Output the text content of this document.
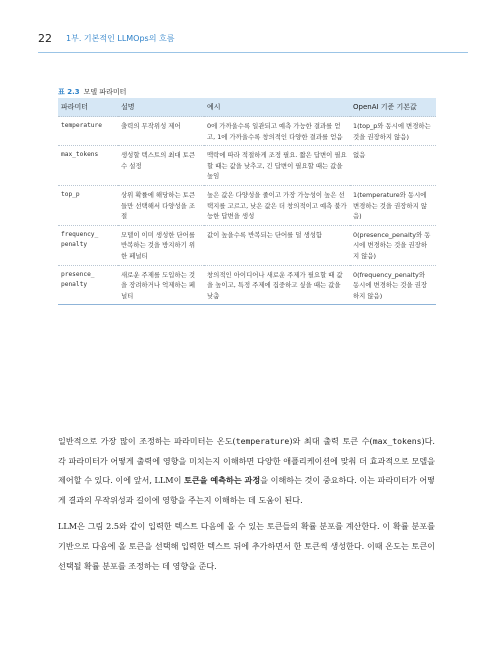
22	1부. 기본적인 LLMOps의 흐름
표 2.3 모델 파라미터
파라미터	설명	예시	OpenAI 기준 기본값
temperature	출력의 무작위성 제어	0에 가까울수록 일관되고 예측 가능한 결과를 얻고, 1에 가까울수록 창의적인 다양한 결과를 얻음	1(top_p와 동시에 변경하는 것을 권장하지 않음)
max_tokens	생성할 텍스트의 최대 토큰 수 설정	맥락에 따라 적절하게 조정 필요. 짧은 답변이 필요할 때는 값을 낮추고, 긴 답변이 필요할 때는 값을 높임	없음
top_p	상위 확률에 해당하는 토큰들만 선택해서 다양성을 조절	높은 값은 다양성을 줄이고 가장 가능성이 높은 선택지를 고르고, 낮은 값은 더 창의적이고 예측 불가능한 답변을 생성	1(temperature와 동시에 변경하는 것을 권장하지 않음)
frequency_ penalty	모델이 이미 생성한 단어를 반복하는 것을 방지하기 위한 페널티	값이 높을수록 반복되는 단어를 덜 생성함	0(presence_penalty와 동시에 변경하는 것을 권장하지 않음)
presence_ penalty	새로운 주제를 도입하는 것을 장려하거나 억제하는 페널티	창의적인 아이디어나 새로운 주제가 필요할 때 값을 높이고, 특정 주제에 집중하고 싶을 때는 값을 낮춤	0(frequency_penalty와 동시에 변경하는 것을 권장하지 않음)

일반적으로 가장 많이 조정하는 파라미터는 온도(temperature)와 최대 출력 토큰 수(max_tokens)다. 각 파라미터가 어떻게 출력에 영향을 미치는지 이해하면 다양한 애플리케이션에 맞춰 더 효과적으로 모델을 제어할 수 있다. 이에 앞서, LLM이 토큰을 예측하는 과정을 이해하는 것이 중요하다. 이는 파라미터가 어떻게 결과의 무작위성과 길이에 영향을 주는지 이해하는 데 도움이 된다.

LLM은 그림 2.5와 같이 입력한 텍스트 다음에 올 수 있는 토큰들의 확률 분포를 계산한다. 이 확률 분포를 기반으로 다음에 올 토큰을 선택해 입력한 텍스트 뒤에 추가하면서 한 토큰씩 생성한다. 이때 온도는 토큰이 선택될 확률 분포를 조정하는 데 영향을 준다.
